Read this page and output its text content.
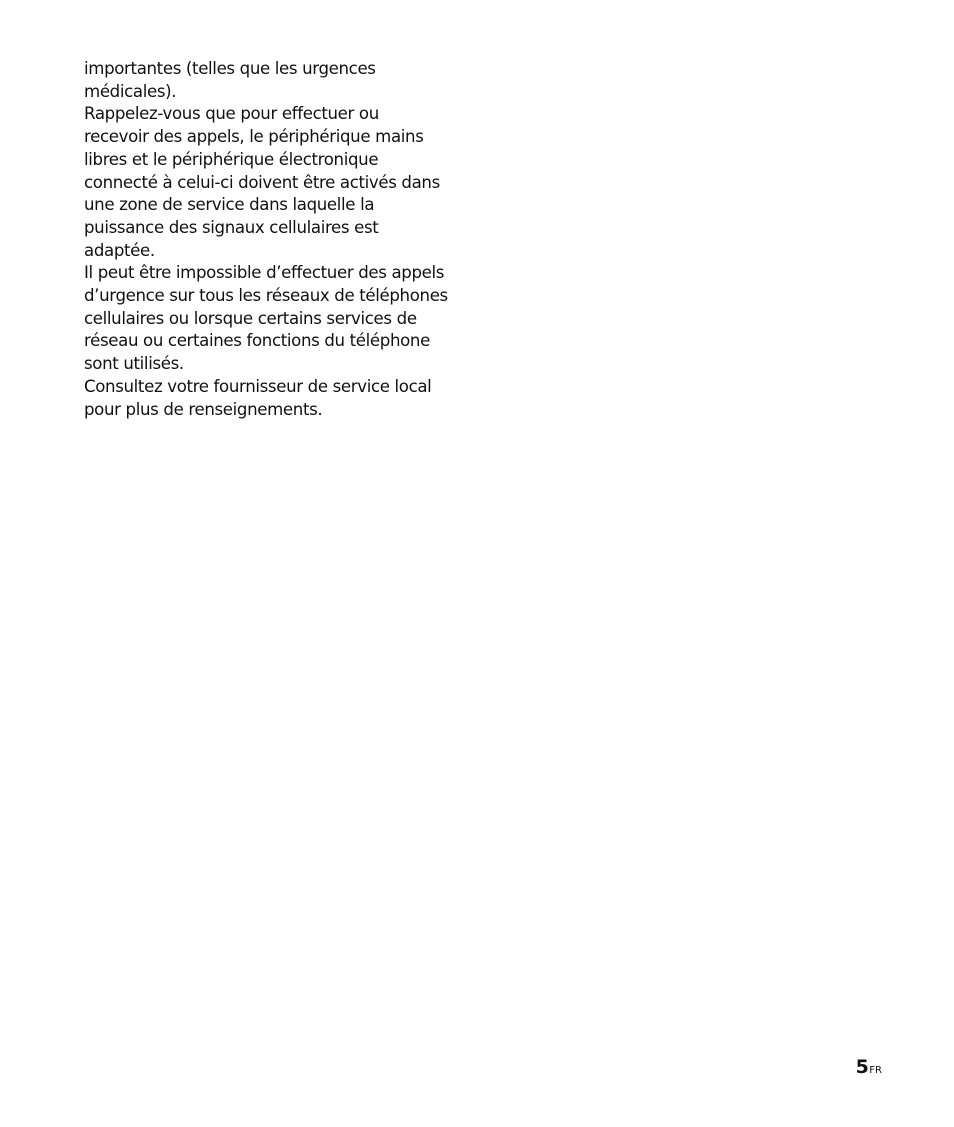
importantes (telles que les urgences
médicales).
Rappelez-vous que pour effectuer ou
recevoir des appels, le périphérique mains
libres et le périphérique électronique
connecté à celui-ci doivent être activés dans
une zone de service dans laquelle la
puissance des signaux cellulaires est
adaptée.
Il peut être impossible d’effectuer des appels
d’urgence sur tous les réseaux de téléphones
cellulaires ou lorsque certains services de
réseau ou certaines fonctions du téléphone
sont utilisés.
Consultez votre fournisseur de service local
pour plus de renseignements.
5 FR
